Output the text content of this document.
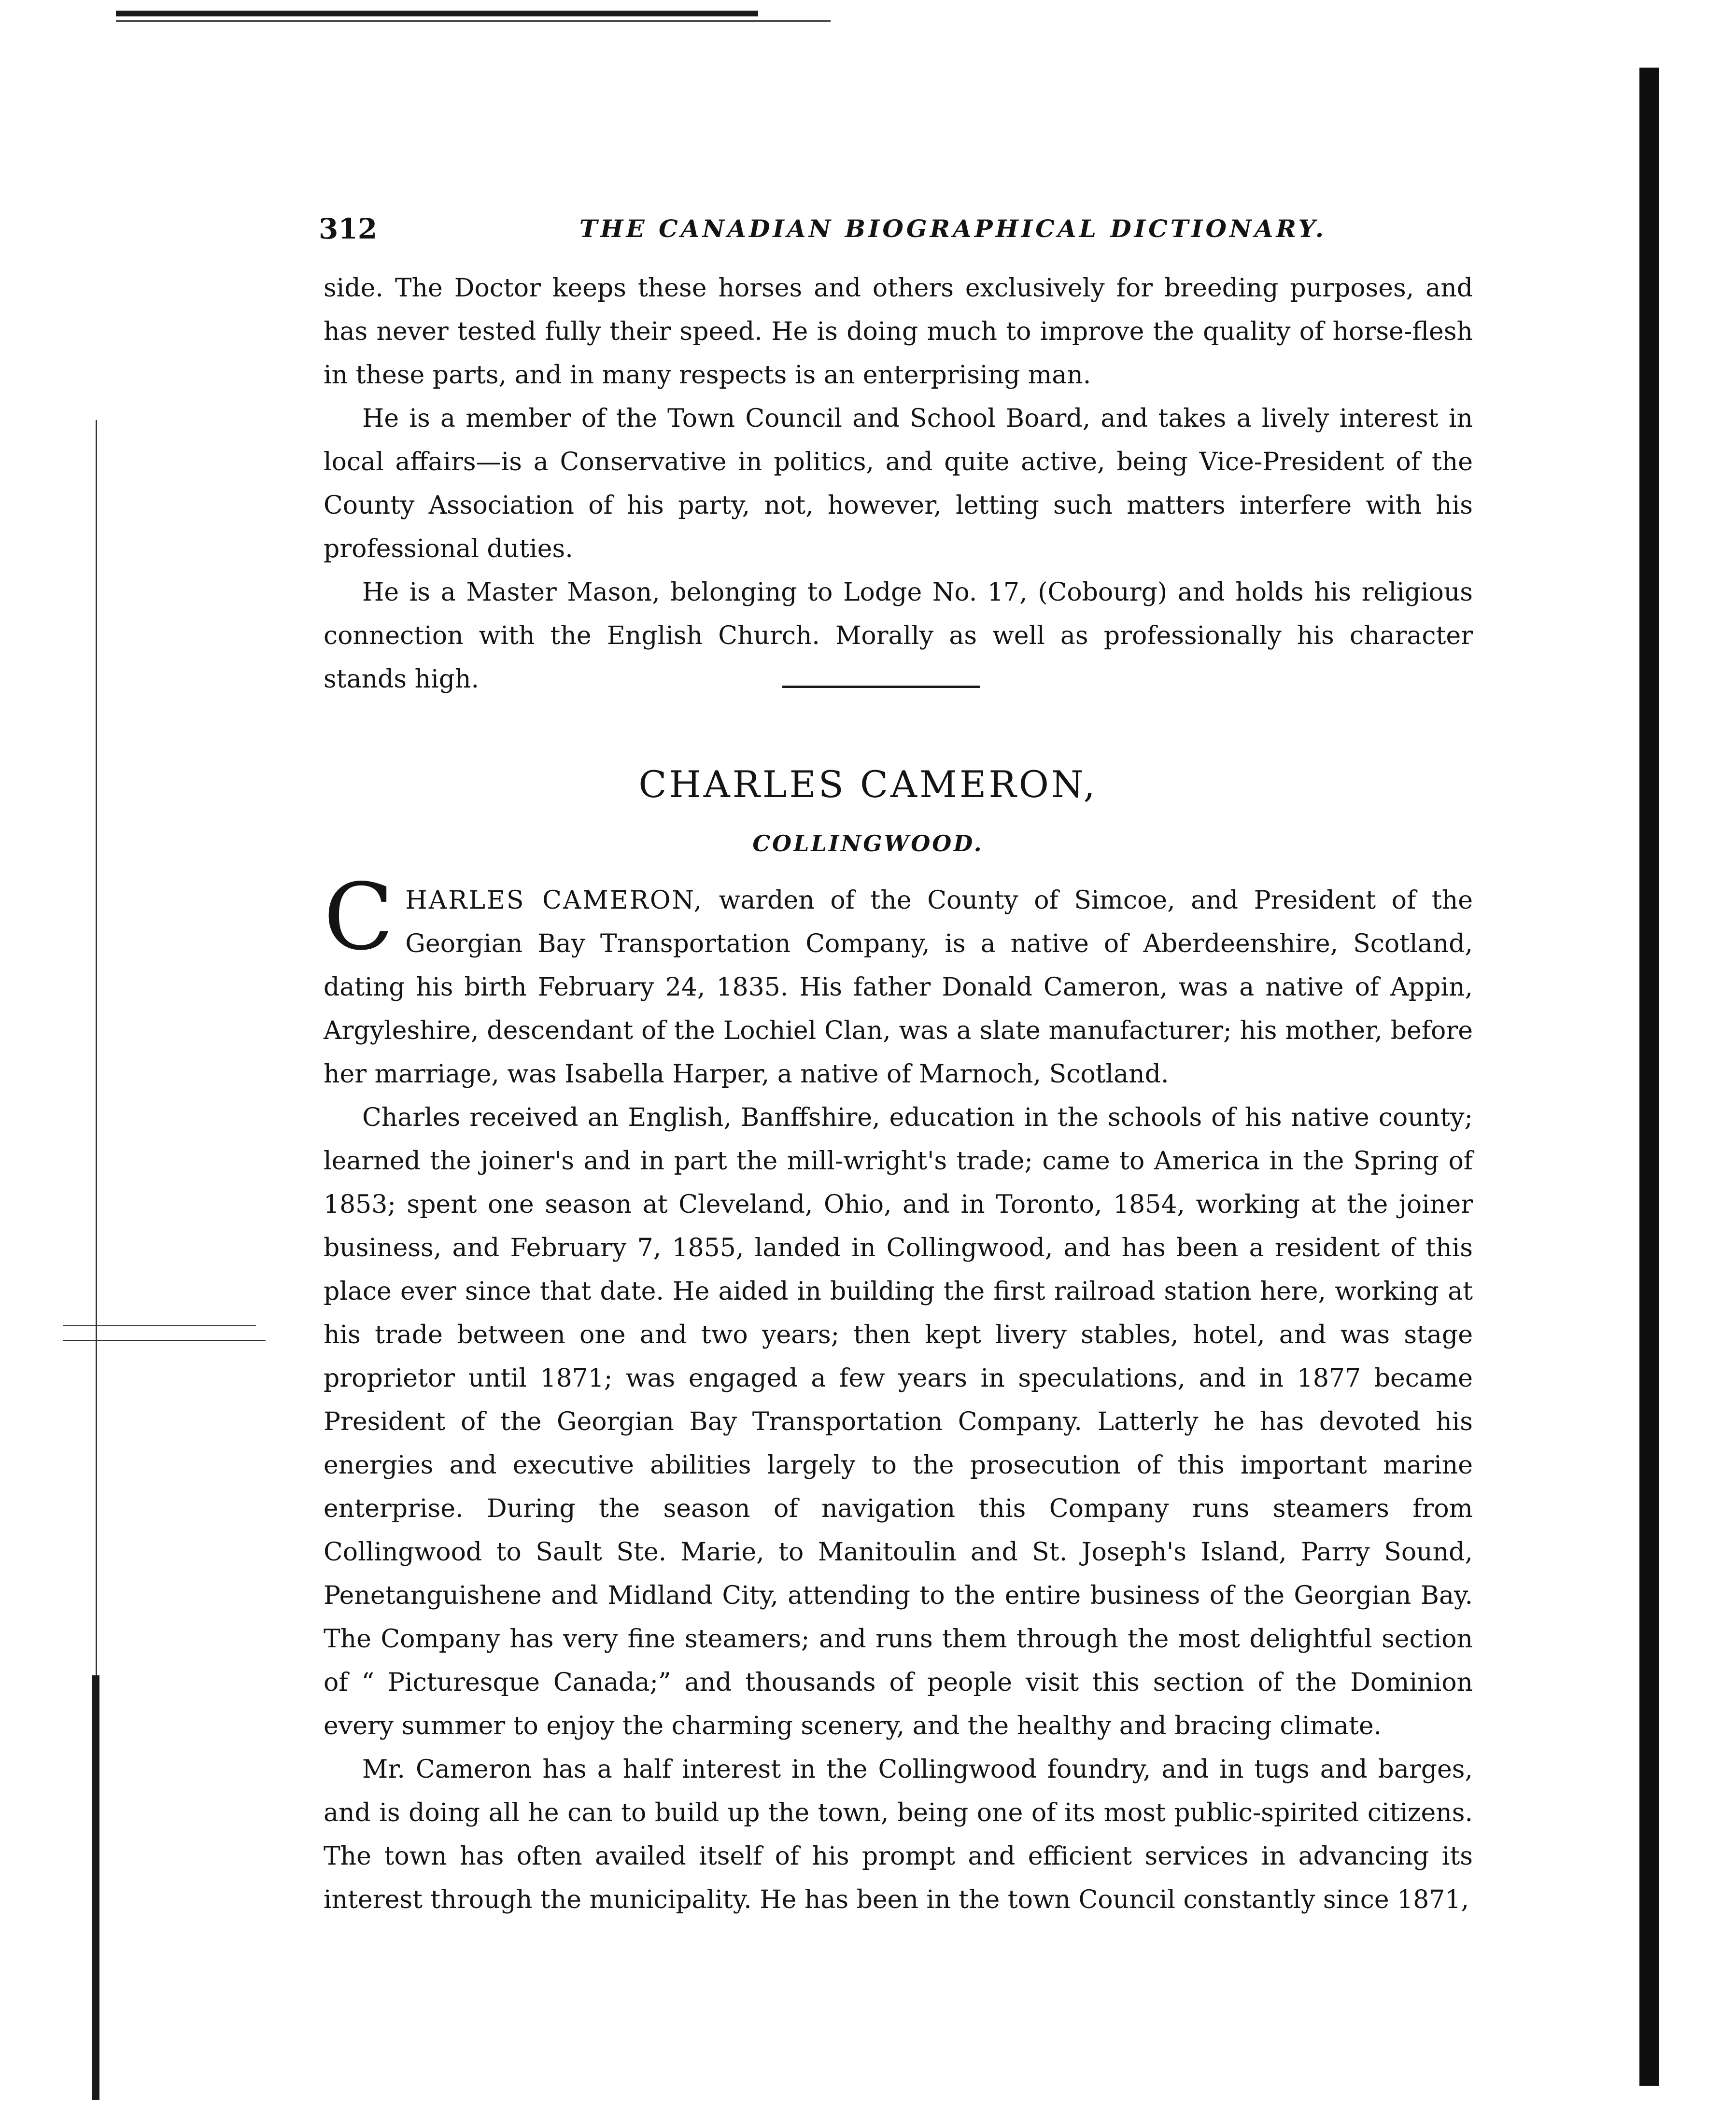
312	THE CANADIAN BIOGRAPHICAL DICTIONARY.

side. The Doctor keeps these horses and others exclusively for breeding purposes, and has never tested fully their speed. He is doing much to improve the quality of horse-flesh in these parts, and in many respects is an enterprising man.

He is a member of the Town Council and School Board, and takes a lively interest in local affairs—is a Conservative in politics, and quite active, being Vice-President of the County Association of his party, not, however, letting such matters interfere with his professional duties.

He is a Master Mason, belonging to Lodge No. 17, (Cobourg) and holds his religious connection with the English Church. Morally as well as professionally his character stands high.

CHARLES CAMERON,
COLLINGWOOD.

CHARLES CAMERON, warden of the County of Simcoe, and President of the Georgian Bay Transportation Company, is a native of Aberdeenshire, Scotland, dating his birth February 24, 1835. His father Donald Cameron, was a native of Appin, Argyleshire, descendant of the Lochiel Clan, was a slate manufacturer; his mother, before her marriage, was Isabella Harper, a native of Marnoch, Scotland.

Charles received an English, Banffshire, education in the schools of his native county; learned the joiner's and in part the mill-wright's trade; came to America in the Spring of 1853; spent one season at Cleveland, Ohio, and in Toronto, 1854, working at the joiner business, and February 7, 1855, landed in Collingwood, and has been a resident of this place ever since that date. He aided in building the first railroad station here, working at his trade between one and two years; then kept livery stables, hotel, and was stage proprietor until 1871; was engaged a few years in speculations, and in 1877 became President of the Georgian Bay Transportation Company. Latterly he has devoted his energies and executive abilities largely to the prosecution of this important marine enterprise. During the season of navigation this Company runs steamers from Collingwood to Sault Ste. Marie, to Manitoulin and St. Joseph's Island, Parry Sound, Penetanguishene and Midland City, attending to the entire business of the Georgian Bay. The Company has very fine steamers; and runs them through the most delightful section of “ Picturesque Canada;” and thousands of people visit this section of the Dominion every summer to enjoy the charming scenery, and the healthy and bracing climate.

Mr. Cameron has a half interest in the Collingwood foundry, and in tugs and barges, and is doing all he can to build up the town, being one of its most public-spirited citizens. The town has often availed itself of his prompt and efficient services in advancing its interest through the municipality. He has been in the town Council constantly since 1871,
